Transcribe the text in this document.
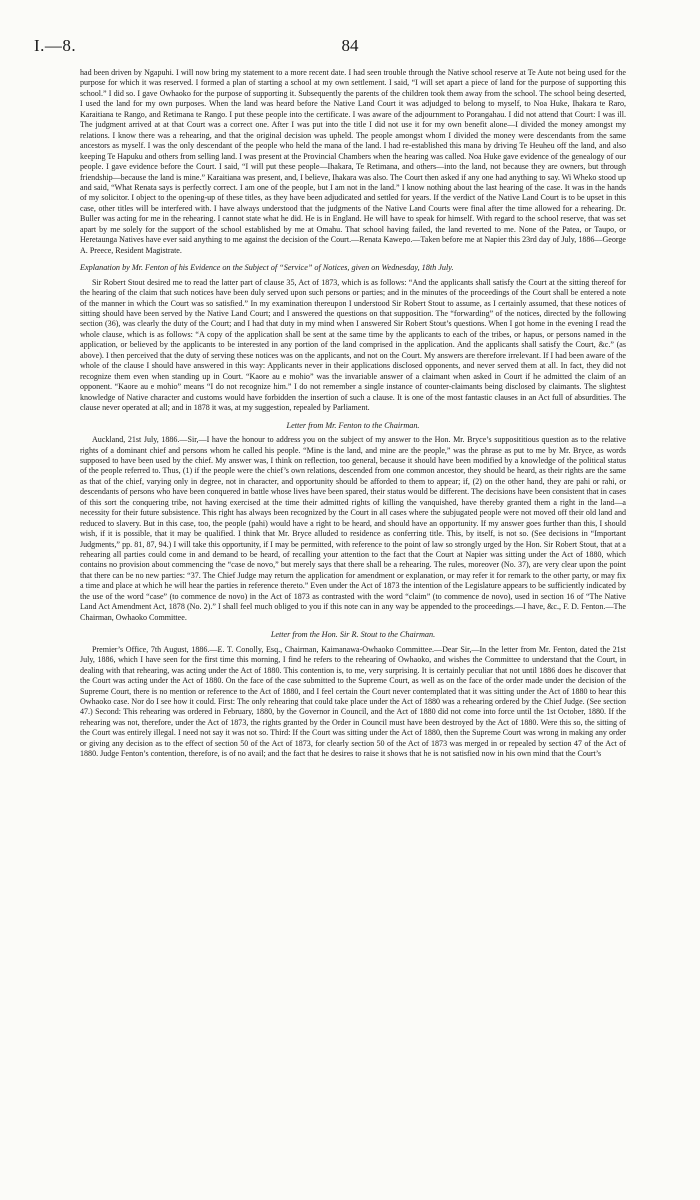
I.—8.	84

had been driven by Ngapuhi. I will now bring my statement to a more recent date. I had seen trouble through the Native school reserve at Te Aute not being used for the purpose for which it was reserved. I formed a plan of starting a school at my own settlement. I said, “I will set apart a piece of land for the purpose of supporting this school.” I did so. I gave Owhaoko for the purpose of supporting it. Subsequently the parents of the children took them away from the school. The school being deserted, I used the land for my own purposes. When the land was heard before the Native Land Court it was adjudged to belong to myself, to Noa Huke, Ihakara te Raro, Karaitiana te Rango, and Retimana te Rango. I put these people into the certificate. I was aware of the adjournment to Porangahau. I did not attend that Court: I was ill. The judgment arrived at at that Court was a correct one. After I was put into the title I did not use it for my own benefit alone—I divided the money amongst my relations. I know there was a rehearing, and that the original decision was upheld. The people amongst whom I divided the money were descendants from the same ancestors as myself. I was the only descendant of the people who held the mana of the land. I had re-established this mana by driving Te Heuheu off the land, and also keeping Te Hapuku and others from selling land. I was present at the Provincial Chambers when the hearing was called. Noa Huke gave evidence of the genealogy of our people. I gave evidence before the Court. I said, “I will put these people—Ihakara, Te Retimana, and others—into the land, not because they are owners, but through friendship—because the land is mine.” Karaitiana was present, and, I believe, Ihakara was also. The Court then asked if any one had anything to say. Wi Wheko stood up and said, “What Renata says is perfectly correct. I am one of the people, but I am not in the land.” I know nothing about the last hearing of the case. It was in the hands of my solicitor. I object to the opening-up of these titles, as they have been adjudicated and settled for years. If the verdict of the Native Land Court is to be upset in this case, other titles will be interfered with. I have always understood that the judgments of the Native Land Courts were final after the time allowed for a rehearing. Dr. Buller was acting for me in the rehearing. I cannot state what he did. He is in England. He will have to speak for himself. With regard to the school reserve, that was set apart by me solely for the support of the school established by me at Omahu. That school having failed, the land reverted to me. None of the Patea, or Taupo, or Heretaunga Natives have ever said anything to me against the decision of the Court.—Renata Kawepo.—Taken before me at Napier this 23rd day of July, 1886—George A. Preece, Resident Magistrate.

Explanation by Mr. Fenton of his Evidence on the Subject of “Service” of Notices, given on Wednesday, 18th July.

Sir Robert Stout desired me to read the latter part of clause 35, Act of 1873, which is as follows: “And the applicants shall satisfy the Court at the sitting thereof for the hearing of the claim that such notices have been duly served upon such persons or parties; and in the minutes of the proceedings of the Court shall be entered a note of the manner in which the Court was so satisfied.” In my examination thereupon I understood Sir Robert Stout to assume, as I certainly assumed, that these notices of sitting should have been served by the Native Land Court; and I answered the questions on that supposition. The “forwarding” of the notices, directed by the following section (36), was clearly the duty of the Court; and I had that duty in my mind when I answered Sir Robert Stout’s questions. When I got home in the evening I read the whole clause, which is as follows: “A copy of the application shall be sent at the same time by the applicants to each of the tribes, or hapus, or persons named in the application, or believed by the applicants to be interested in any portion of the land comprised in the application. And the applicants shall satisfy the Court, &c.” (as above). I then perceived that the duty of serving these notices was on the applicants, and not on the Court. My answers are therefore irrelevant. If I had been aware of the whole of the clause I should have answered in this way: Applicants never in their applications disclosed opponents, and never served them at all. In fact, they did not recognize them even when standing up in Court. “Kaore au e mohio” was the invariable answer of a claimant when asked in Court if he admitted the claim of an opponent. “Kaore au e mohio” means “I do not recognize him.” I do not remember a single instance of counter-claimants being disclosed by claimants. The slightest knowledge of Native character and customs would have forbidden the insertion of such a clause. It is one of the most fantastic clauses in an Act full of absurdities. The clause never operated at all; and in 1878 it was, at my suggestion, repealed by Parliament.

Letter from Mr. Fenton to the Chairman.

Auckland, 21st July, 1886.—Sir,—I have the honour to address you on the subject of my answer to the Hon. Mr. Bryce’s supposititious question as to the relative rights of a dominant chief and persons whom he called his people. “Mine is the land, and mine are the people,” was the phrase as put to me by Mr. Bryce, as words supposed to have been used by the chief. My answer was, I think on reflection, too general, because it should have been modified by a knowledge of the political status of the people referred to. Thus, (1) if the people were the chief’s own relations, descended from one common ancestor, they should be heard, as their rights are the same as that of the chief, varying only in degree, not in character, and opportunity should be afforded to them to appear; if, (2) on the other hand, they are pahi or rahi, or descendants of persons who have been conquered in battle whose lives have been spared, their status would be different. The decisions have been consistent that in cases of this sort the conquering tribe, not having exercised at the time their admitted rights of killing the vanquished, have thereby granted them a right in the land—a necessity for their future subsistence. This right has always been recognized by the Court in all cases where the subjugated people were not moved off their old land and reduced to slavery. But in this case, too, the people (pahi) would have a right to be heard, and should have an opportunity. If my answer goes further than this, I should wish, if it is possible, that it may be qualified. I think that Mr. Bryce alluded to residence as conferring title. This, by itself, is not so. (See decisions in “Important Judgments,” pp. 81, 87, 94.) I will take this opportunity, if I may be permitted, with reference to the point of law so strongly urged by the Hon. Sir Robert Stout, that at a rehearing all parties could come in and demand to be heard, of recalling your attention to the fact that the Court at Napier was sitting under the Act of 1880, which contains no provision about commencing the “case de novo,” but merely says that there shall be a rehearing. The rules, moreover (No. 37), are very clear upon the point that there can be no new parties: “37. The Chief Judge may return the application for amendment or explanation, or may refer it for remark to the other party, or may fix a time and place at which he will hear the parties in reference thereto.” Even under the Act of 1873 the intention of the Legislature appears to be sufficiently indicated by the use of the word “case” (to commence de novo) in the Act of 1873 as contrasted with the word “claim” (to commence de novo), used in section 16 of “The Native Land Act Amendment Act, 1878 (No. 2).” I shall feel much obliged to you if this note can in any way be appended to the proceedings.—I have, &c., F. D. Fenton.—The Chairman, Owhaoko Committee.

Letter from the Hon. Sir R. Stout to the Chairman.

Premier’s Office, 7th August, 1886.—E. T. Conolly, Esq., Chairman, Kaimanawa-Owhaoko Committee.—Dear Sir,—In the letter from Mr. Fenton, dated the 21st July, 1886, which I have seen for the first time this morning, I find he refers to the rehearing of Owhaoko, and wishes the Committee to understand that the Court, in dealing with that rehearing, was acting under the Act of 1880. This contention is, to me, very surprising. It is certainly peculiar that not until 1886 does he discover that the Court was acting under the Act of 1880. On the face of the case submitted to the Supreme Court, as well as on the face of the order made under the decision of the Supreme Court, there is no mention or reference to the Act of 1880, and I feel certain the Court never contemplated that it was sitting under the Act of 1880 to hear this Owhaoko case. Nor do I see how it could. First: The only rehearing that could take place under the Act of 1880 was a rehearing ordered by the Chief Judge. (See section 47.) Second: This rehearing was ordered in February, 1880, by the Governor in Council, and the Act of 1880 did not come into force until the 1st October, 1880. If the rehearing was not, therefore, under the Act of 1873, the rights granted by the Order in Council must have been destroyed by the Act of 1880. Were this so, the sitting of the Court was entirely illegal. I need not say it was not so. Third: If the Court was sitting under the Act of 1880, then the Supreme Court was wrong in making any order or giving any decision as to the effect of section 50 of the Act of 1873, for clearly section 50 of the Act of 1873 was merged in or repealed by section 47 of the Act of 1880. Judge Fenton’s contention, therefore, is of no avail; and the fact that he desires to raise it shows that he is not satisfied now in his own mind that the Court’s
